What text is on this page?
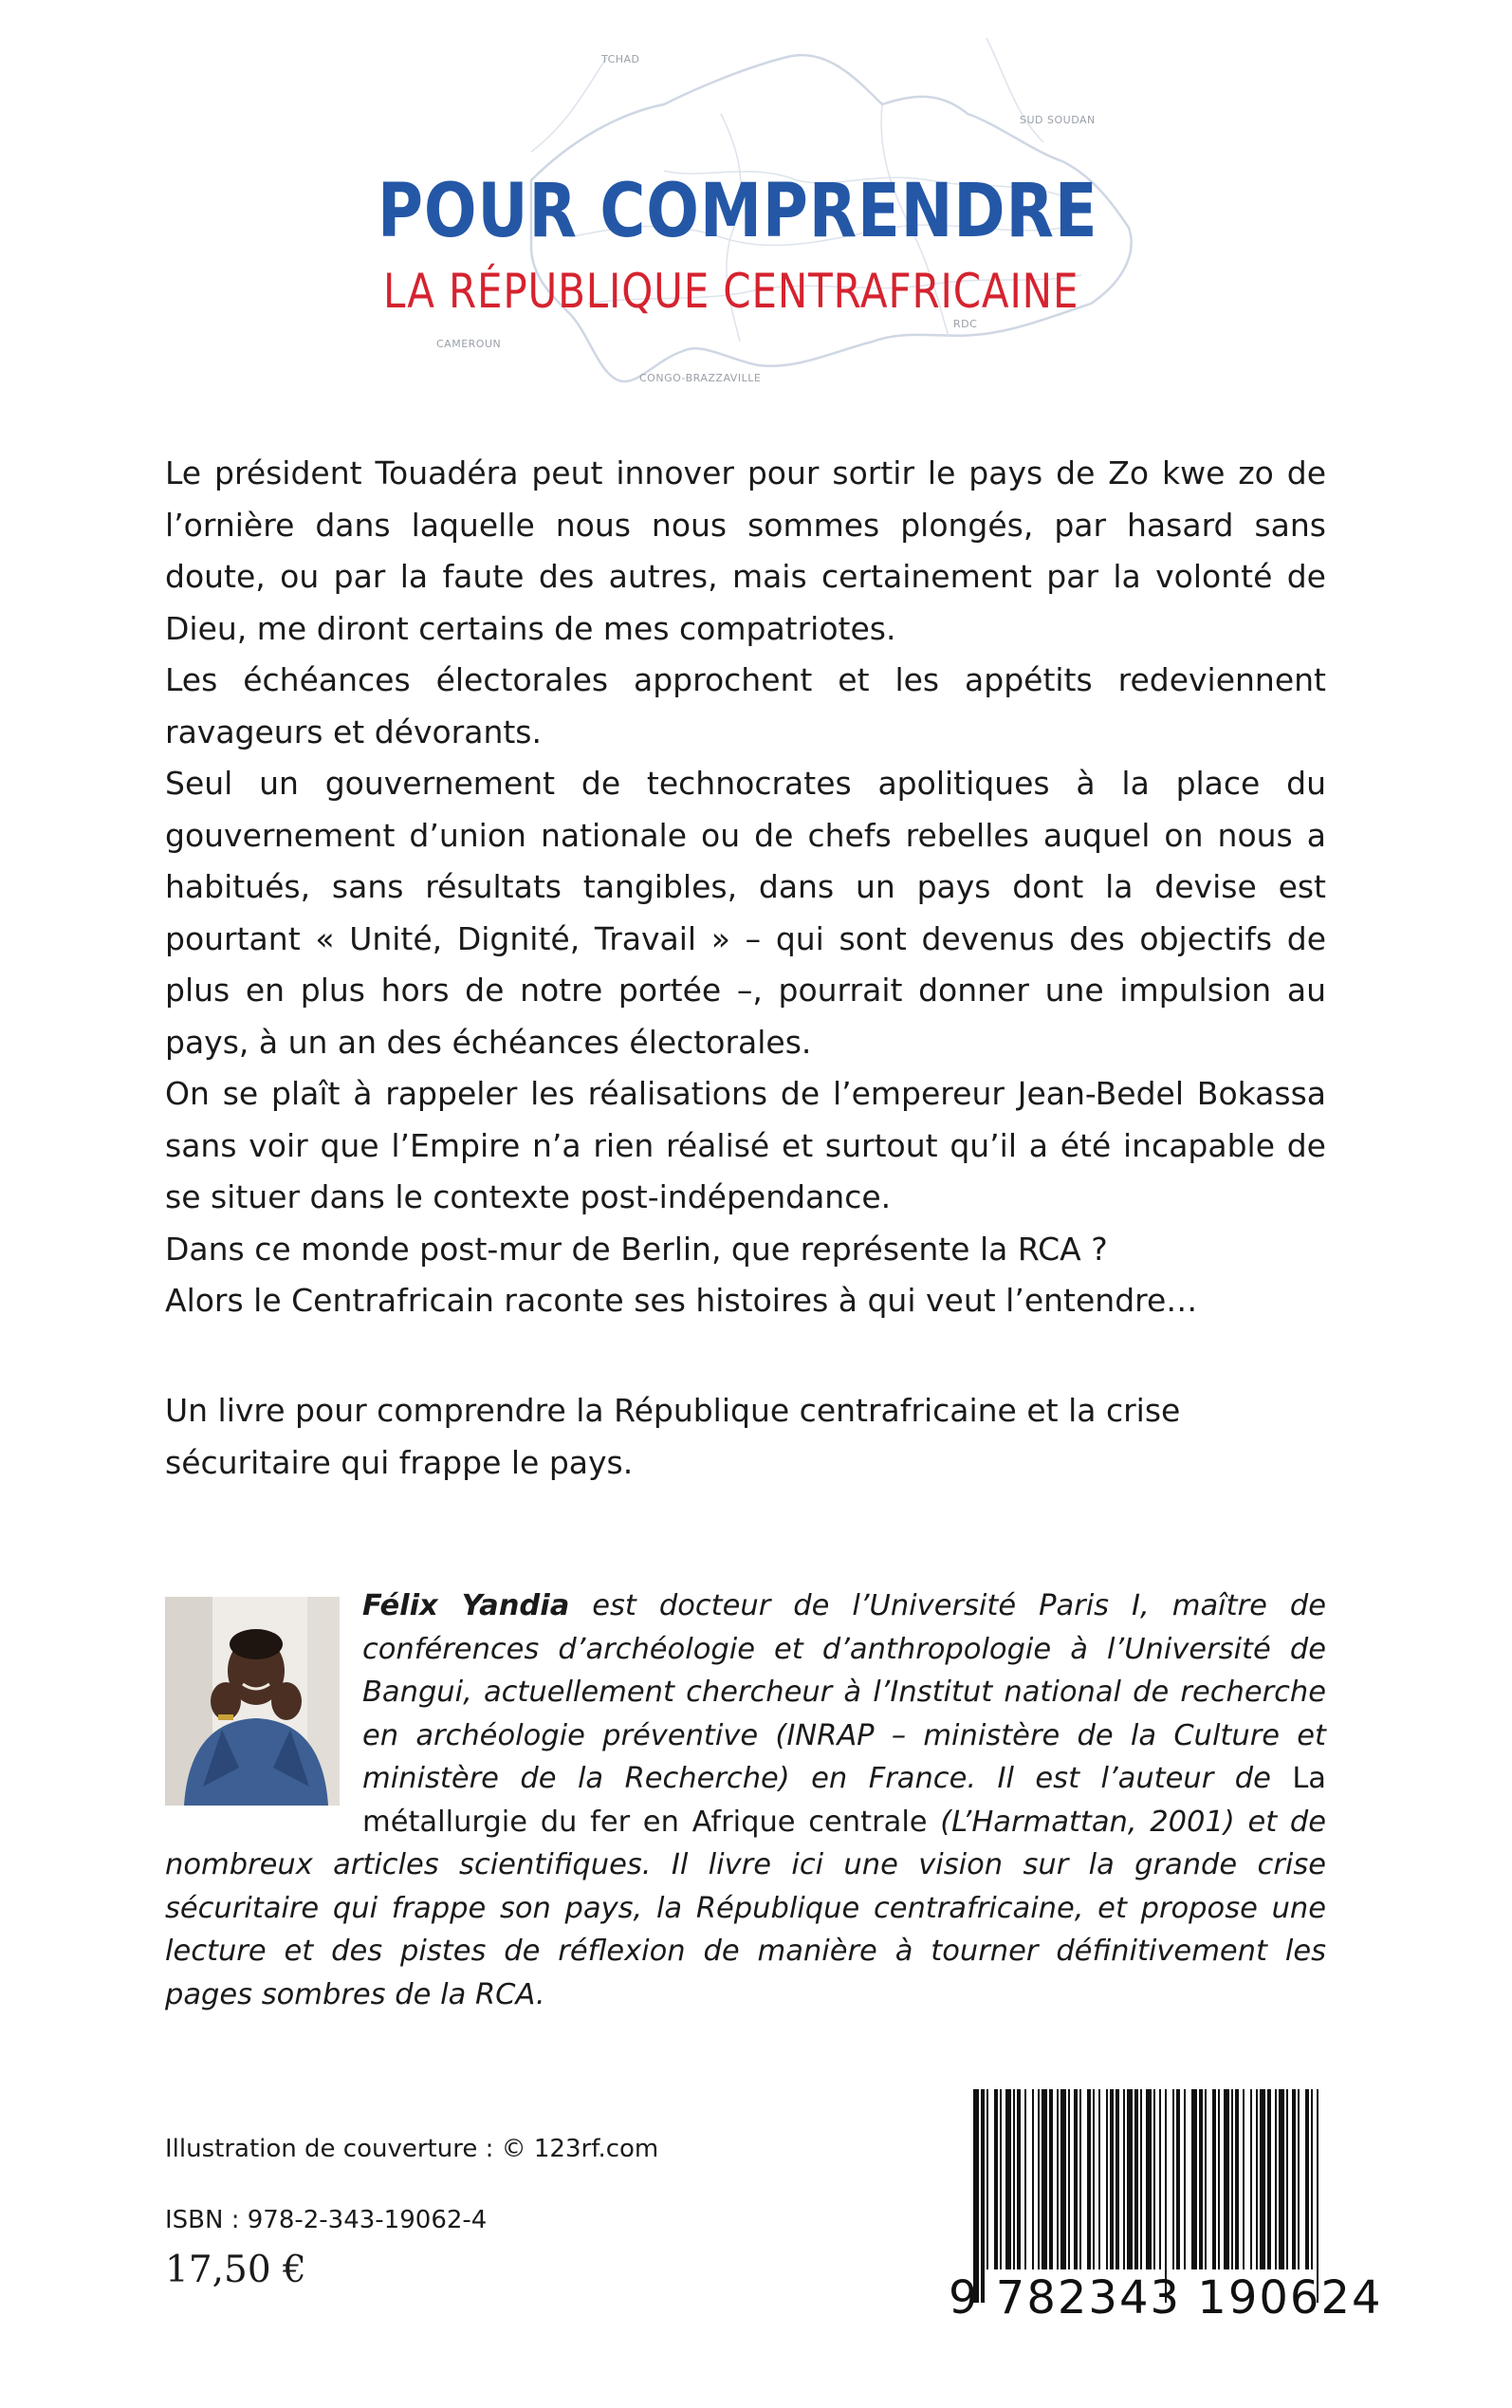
TCHAD
SUD SOUDAN
CAMEROUN
RDC
CONGO-BRAZZAVILLE
POUR COMPRENDRE
LA RÉPUBLIQUE CENTRAFRICAINE

Le président Touadéra peut innover pour sortir le pays de Zo kwe zo de l’ornière dans laquelle nous nous sommes plongés, par hasard sans doute, ou par la faute des autres, mais certainement par la volonté de Dieu, me diront certains de mes compatriotes.

Les échéances électorales approchent et les appétits redeviennent ravageurs et dévorants.

Seul un gouvernement de technocrates apolitiques à la place du gouvernement d’union nationale ou de chefs rebelles auquel on nous a habitués, sans résultats tangibles, dans un pays dont la devise est pourtant « Unité, Dignité, Travail » – qui sont devenus des objectifs de plus en plus hors de notre portée –, pourrait donner une impulsion au pays, à un an des échéances électorales.

On se plaît à rappeler les réalisations de l’empereur Jean-Bedel Bokassa sans voir que l’Empire n’a rien réalisé et surtout qu’il a été incapable de se situer dans le contexte post-indépendance.

Dans ce monde post-mur de Berlin, que représente la RCA ?

Alors le Centrafricain raconte ses histoires à qui veut l’entendre…

Un livre pour comprendre la République centrafricaine et la crise sécuritaire qui frappe le pays.

Félix Yandia est docteur de l’Université Paris I, maître de conférences d’archéologie et d’anthropologie à l’Université de Bangui, actuellement chercheur à l’Institut national de recherche en archéologie préventive (INRAP – ministère de la Culture et ministère de la Recherche) en France. Il est l’auteur de La métallurgie du fer en Afrique centrale (L’Harmattan, 2001) et de nombreux articles scientifiques. Il livre ici une vision sur la grande crise sécuritaire qui frappe son pays, la République centrafricaine, et propose une lecture et des pistes de réflexion de manière à tourner définitivement les pages sombres de la RCA.
Illustration de couverture : © 123rf.com
ISBN : 978-2-343-19062-4
17,50 €
9 782343 190624
